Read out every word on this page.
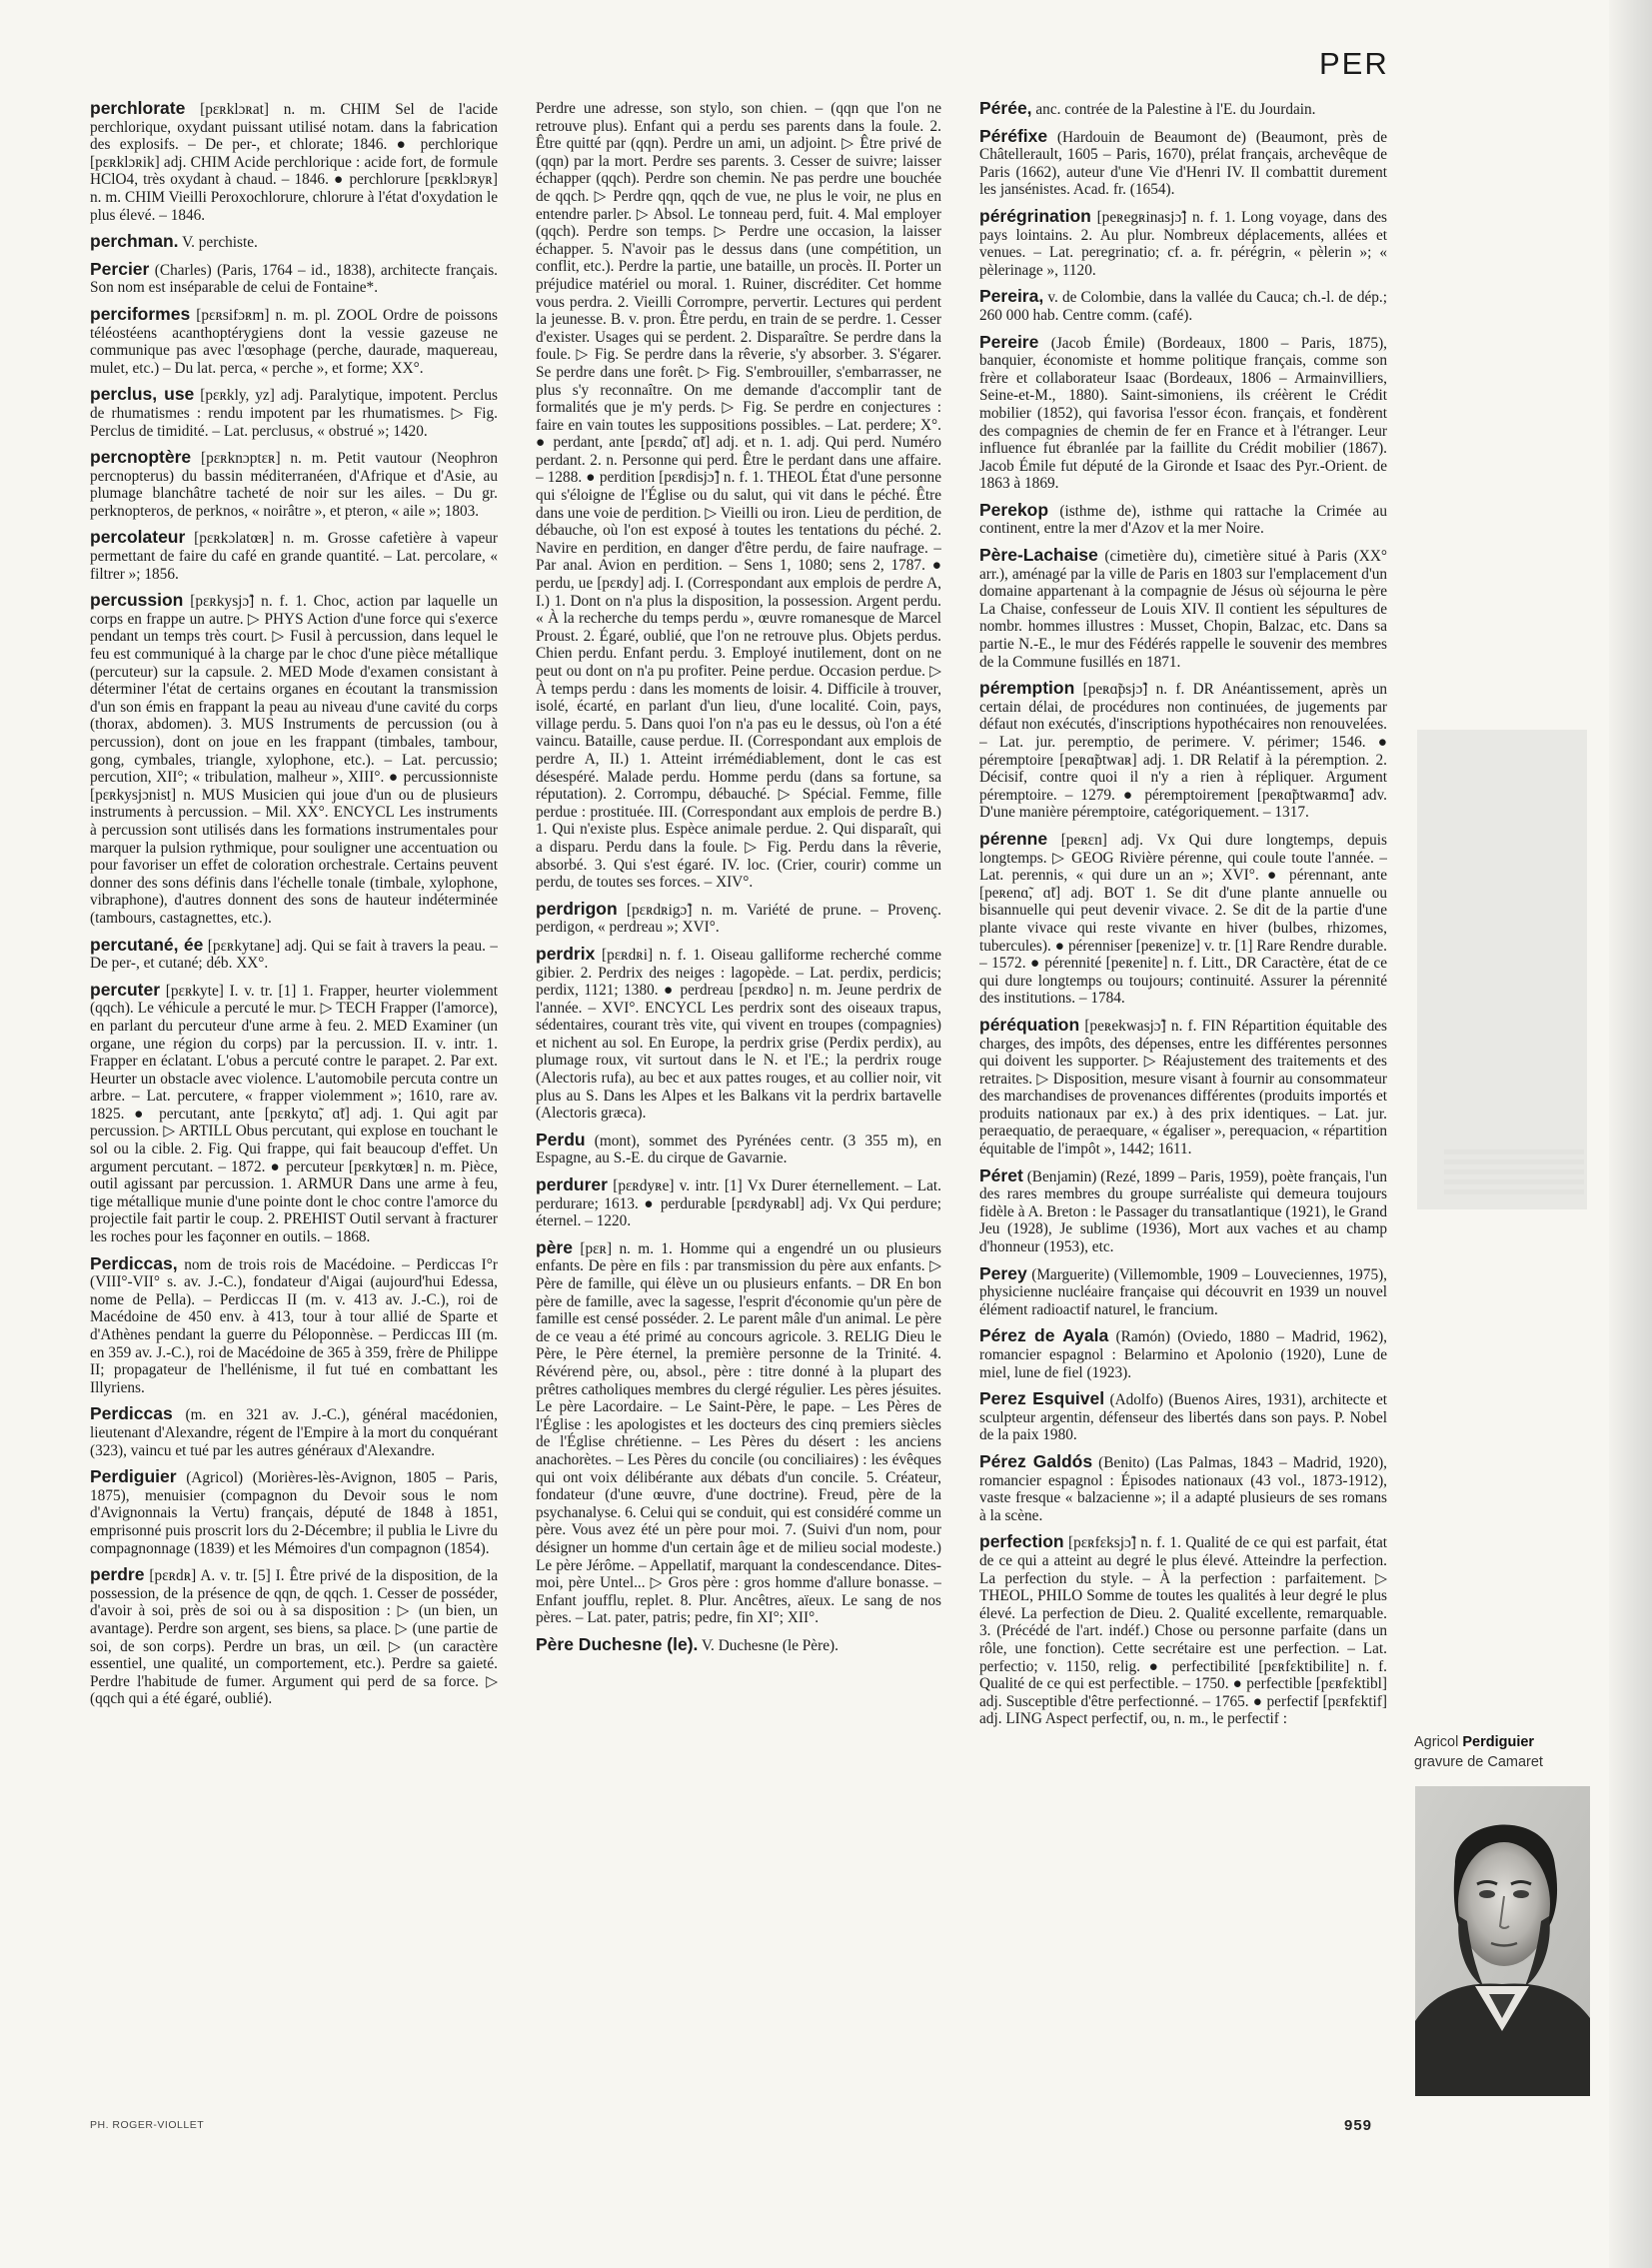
PER

perchlorate [pɛʀklɔʀat] n. m. CHIM Sel de l'acide perchlorique, oxydant puissant utilisé notam. dans la fabrication des explosifs. – De per-, et chlorate; 1846. ● perchlorique [pɛʀklɔʀik] adj. CHIM Acide perchlorique : acide fort, de formule HClO4, très oxydant à chaud. – 1846. ● perchlorure [pɛʀklɔʀyʀ] n. m. CHIM Vieilli Peroxochlorure, chlorure à l'état d'oxydation le plus élevé. – 1846.

perchman. V. perchiste.

Percier (Charles) (Paris, 1764 – id., 1838), architecte français. Son nom est inséparable de celui de Fontaine*.

perciformes [pɛʀsifɔʀm] n. m. pl. ZOOL Ordre de poissons téléostéens acanthoptérygiens dont la vessie gazeuse ne communique pas avec l'œsophage (perche, daurade, maquereau, mulet, etc.) – Du lat. perca, « perche », et forme; XX°.

perclus, use [pɛʀkly, yz] adj. Paralytique, impotent. Perclus de rhumatismes : rendu impotent par les rhumatismes. ▷ Fig. Perclus de timidité. – Lat. perclusus, « obstrué »; 1420.

percnoptère [pɛʀknɔptɛʀ] n. m. Petit vautour (Neophron percnopterus) du bassin méditerranéen, d'Afrique et d'Asie, au plumage blanchâtre tacheté de noir sur les ailes. – Du gr. perknopteros, de perknos, « noirâtre », et pteron, « aile »; 1803.

percolateur [pɛʀkɔlatœʀ] n. m. Grosse cafetière à vapeur permettant de faire du café en grande quantité. – Lat. percolare, « filtrer »; 1856.

percussion [pɛʀkysjɔ̃] n. f. 1. Choc, action par laquelle un corps en frappe un autre. ▷ PHYS Action d'une force qui s'exerce pendant un temps très court. ▷ Fusil à percussion, dans lequel le feu est communiqué à la charge par le choc d'une pièce métallique (percuteur) sur la capsule. 2. MED Mode d'examen consistant à déterminer l'état de certains organes en écoutant la transmission d'un son émis en frappant la peau au niveau d'une cavité du corps (thorax, abdomen). 3. MUS Instruments de percussion (ou à percussion), dont on joue en les frappant (timbales, tambour, gong, cymbales, triangle, xylophone, etc.). – Lat. percussio; percution, XII°; « tribulation, malheur », XIII°. ● percussionniste [pɛʀkysjɔnist] n. MUS Musicien qui joue d'un ou de plusieurs instruments à percussion. – Mil. XX°. ENCYCL Les instruments à percussion sont utilisés dans les formations instrumentales pour marquer la pulsion rythmique, pour souligner une accentuation ou pour favoriser un effet de coloration orchestrale. Certains peuvent donner des sons définis dans l'échelle tonale (timbale, xylophone, vibraphone), d'autres donnent des sons de hauteur indéterminée (tambours, castagnettes, etc.).

percutané, ée [pɛʀkytane] adj. Qui se fait à travers la peau. – De per-, et cutané; déb. XX°.

percuter [pɛʀkyte] I. v. tr. [1] 1. Frapper, heurter violemment (qqch). Le véhicule a percuté le mur. ▷ TECH Frapper (l'amorce), en parlant du percuteur d'une arme à feu. 2. MED Examiner (un organe, une région du corps) par la percussion. II. v. intr. 1. Frapper en éclatant. L'obus a percuté contre le parapet. 2. Par ext. Heurter un obstacle avec violence. L'automobile percuta contre un arbre. – Lat. percutere, « frapper violemment »; 1610, rare av. 1825. ● percutant, ante [pɛʀkytɑ̃, ɑ̃t] adj. 1. Qui agit par percussion. ▷ ARTILL Obus percutant, qui explose en touchant le sol ou la cible. 2. Fig. Qui frappe, qui fait beaucoup d'effet. Un argument percutant. – 1872. ● percuteur [pɛʀkytœʀ] n. m. Pièce, outil agissant par percussion. 1. ARMUR Dans une arme à feu, tige métallique munie d'une pointe dont le choc contre l'amorce du projectile fait partir le coup. 2. PREHIST Outil servant à fracturer les roches pour les façonner en outils. – 1868.

Perdiccas, nom de trois rois de Macédoine. – Perdiccas I°r (VIII°-VII° s. av. J.-C.), fondateur d'Aigai (aujourd'hui Edessa, nome de Pella). – Perdiccas II (m. v. 413 av. J.-C.), roi de Macédoine de 450 env. à 413, tour à tour allié de Sparte et d'Athènes pendant la guerre du Péloponnèse. – Perdiccas III (m. en 359 av. J.-C.), roi de Macédoine de 365 à 359, frère de Philippe II; propagateur de l'hellénisme, il fut tué en combattant les Illyriens.

Perdiccas (m. en 321 av. J.-C.), général macédonien, lieutenant d'Alexandre, régent de l'Empire à la mort du conquérant (323), vaincu et tué par les autres généraux d'Alexandre.

Perdiguier (Agricol) (Morières-lès-Avignon, 1805 – Paris, 1875), menuisier (compagnon du Devoir sous le nom d'Avignonnais la Vertu) français, député de 1848 à 1851, emprisonné puis proscrit lors du 2-Décembre; il publia le Livre du compagnonnage (1839) et les Mémoires d'un compagnon (1854).

perdre [pɛʀdʀ] A. v. tr. [5] I. Être privé de la disposition, de la possession, de la présence de qqn, de qqch. 1. Cesser de posséder, d'avoir à soi, près de soi ou à sa disposition : ▷ (un bien, un avantage). Perdre son argent, ses biens, sa place. ▷ (une partie de soi, de son corps). Perdre un bras, un œil. ▷ (un caractère essentiel, une qualité, un comportement, etc.). Perdre sa gaieté. Perdre l'habitude de fumer. Argument qui perd de sa force. ▷ (qqch qui a été égaré, oublié).

Perdre une adresse, son stylo, son chien. – (qqn que l'on ne retrouve plus). Enfant qui a perdu ses parents dans la foule. 2. Être quitté par (qqn). Perdre un ami, un adjoint. ▷ Être privé de (qqn) par la mort. Perdre ses parents. 3. Cesser de suivre; laisser échapper (qqch). Perdre son chemin. Ne pas perdre une bouchée de qqch. ▷ Perdre qqn, qqch de vue, ne plus le voir, ne plus en entendre parler. ▷ Absol. Le tonneau perd, fuit. 4. Mal employer (qqch). Perdre son temps. ▷ Perdre une occasion, la laisser échapper. 5. N'avoir pas le dessus dans (une compétition, un conflit, etc.). Perdre la partie, une bataille, un procès. II. Porter un préjudice matériel ou moral. 1. Ruiner, discréditer. Cet homme vous perdra. 2. Vieilli Corrompre, pervertir. Lectures qui perdent la jeunesse. B. v. pron. Être perdu, en train de se perdre. 1. Cesser d'exister. Usages qui se perdent. 2. Disparaître. Se perdre dans la foule. ▷ Fig. Se perdre dans la rêverie, s'y absorber. 3. S'égarer. Se perdre dans une forêt. ▷ Fig. S'embrouiller, s'embarrasser, ne plus s'y reconnaître. On me demande d'accomplir tant de formalités que je m'y perds. ▷ Fig. Se perdre en conjectures : faire en vain toutes les suppositions possibles. – Lat. perdere; X°. ● perdant, ante [pɛʀdɑ̃, ɑ̃t] adj. et n. 1. adj. Qui perd. Numéro perdant. 2. n. Personne qui perd. Être le perdant dans une affaire. – 1288. ● perdition [pɛʀdisjɔ̃] n. f. 1. THEOL État d'une personne qui s'éloigne de l'Église ou du salut, qui vit dans le péché. Être dans une voie de perdition. ▷ Vieilli ou iron. Lieu de perdition, de débauche, où l'on est exposé à toutes les tentations du péché. 2. Navire en perdition, en danger d'être perdu, de faire naufrage. – Par anal. Avion en perdition. – Sens 1, 1080; sens 2, 1787. ● perdu, ue [pɛʀdy] adj. I. (Correspondant aux emplois de perdre A, I.) 1. Dont on n'a plus la disposition, la possession. Argent perdu. « À la recherche du temps perdu », œuvre romanesque de Marcel Proust. 2. Égaré, oublié, que l'on ne retrouve plus. Objets perdus. Chien perdu. Enfant perdu. 3. Employé inutilement, dont on ne peut ou dont on n'a pu profiter. Peine perdue. Occasion perdue. ▷ À temps perdu : dans les moments de loisir. 4. Difficile à trouver, isolé, écarté, en parlant d'un lieu, d'une localité. Coin, pays, village perdu. 5. Dans quoi l'on n'a pas eu le dessus, où l'on a été vaincu. Bataille, cause perdue. II. (Correspondant aux emplois de perdre A, II.) 1. Atteint irrémédiablement, dont le cas est désespéré. Malade perdu. Homme perdu (dans sa fortune, sa réputation). 2. Corrompu, débauché. ▷ Spécial. Femme, fille perdue : prostituée. III. (Correspondant aux emplois de perdre B.) 1. Qui n'existe plus. Espèce animale perdue. 2. Qui disparaît, qui a disparu. Perdu dans la foule. ▷ Fig. Perdu dans la rêverie, absorbé. 3. Qui s'est égaré. IV. loc. (Crier, courir) comme un perdu, de toutes ses forces. – XIV°.

perdrigon [pɛʀdʀigɔ̃] n. m. Variété de prune. – Provenç. perdigon, « perdreau »; XVI°.

perdrix [pɛʀdʀi] n. f. 1. Oiseau galliforme recherché comme gibier. 2. Perdrix des neiges : lagopède. – Lat. perdix, perdicis; perdix, 1121; 1380. ● perdreau [pɛʀdʀo] n. m. Jeune perdrix de l'année. – XVI°. ENCYCL Les perdrix sont des oiseaux trapus, sédentaires, courant très vite, qui vivent en troupes (compagnies) et nichent au sol. En Europe, la perdrix grise (Perdix perdix), au plumage roux, vit surtout dans le N. et l'E.; la perdrix rouge (Alectoris rufa), au bec et aux pattes rouges, et au collier noir, vit plus au S. Dans les Alpes et les Balkans vit la perdrix bartavelle (Alectoris græca).

Perdu (mont), sommet des Pyrénées centr. (3 355 m), en Espagne, au S.-E. du cirque de Gavarnie.

perdurer [pɛʀdyʀe] v. intr. [1] Vx Durer éternellement. – Lat. perdurare; 1613. ● perdurable [pɛʀdyʀabl] adj. Vx Qui perdure; éternel. – 1220.

père [pɛʀ] n. m. 1. Homme qui a engendré un ou plusieurs enfants. De père en fils : par transmission du père aux enfants. ▷ Père de famille, qui élève un ou plusieurs enfants. – DR En bon père de famille, avec la sagesse, l'esprit d'économie qu'un père de famille est censé posséder. 2. Le parent mâle d'un animal. Le père de ce veau a été primé au concours agricole. 3. RELIG Dieu le Père, le Père éternel, la première personne de la Trinité. 4. Révérend père, ou, absol., père : titre donné à la plupart des prêtres catholiques membres du clergé régulier. Les pères jésuites. Le père Lacordaire. – Le Saint-Père, le pape. – Les Pères de l'Église : les apologistes et les docteurs des cinq premiers siècles de l'Église chrétienne. – Les Pères du désert : les anciens anachorètes. – Les Pères du concile (ou conciliaires) : les évêques qui ont voix délibérante aux débats d'un concile. 5. Créateur, fondateur (d'une œuvre, d'une doctrine). Freud, père de la psychanalyse. 6. Celui qui se conduit, qui est considéré comme un père. Vous avez été un père pour moi. 7. (Suivi d'un nom, pour désigner un homme d'un certain âge et de milieu social modeste.) Le père Jérôme. – Appellatif, marquant la condescendance. Dites-moi, père Untel... ▷ Gros père : gros homme d'allure bonasse. – Enfant joufflu, replet. 8. Plur. Ancêtres, aïeux. Le sang de nos pères. – Lat. pater, patris; pedre, fin XI°; XII°.

Père Duchesne (le). V. Duchesne (le Père).

Pérée, anc. contrée de la Palestine à l'E. du Jourdain.

Péréfixe (Hardouin de Beaumont de) (Beaumont, près de Châtellerault, 1605 – Paris, 1670), prélat français, archevêque de Paris (1662), auteur d'une Vie d'Henri IV. Il combattit durement les jansénistes. Acad. fr. (1654).

pérégrination [peʀegʀinasjɔ̃] n. f. 1. Long voyage, dans des pays lointains. 2. Au plur. Nombreux déplacements, allées et venues. – Lat. peregrinatio; cf. a. fr. pérégrin, « pèlerin »; « pèlerinage », 1120.

Pereira, v. de Colombie, dans la vallée du Cauca; ch.-l. de dép.; 260 000 hab. Centre comm. (café).

Pereire (Jacob Émile) (Bordeaux, 1800 – Paris, 1875), banquier, économiste et homme politique français, comme son frère et collaborateur Isaac (Bordeaux, 1806 – Armainvilliers, Seine-et-M., 1880). Saint-simoniens, ils créèrent le Crédit mobilier (1852), qui favorisa l'essor écon. français, et fondèrent des compagnies de chemin de fer en France et à l'étranger. Leur influence fut ébranlée par la faillite du Crédit mobilier (1867). Jacob Émile fut député de la Gironde et Isaac des Pyr.-Orient. de 1863 à 1869.

Perekop (isthme de), isthme qui rattache la Crimée au continent, entre la mer d'Azov et la mer Noire.

Père-Lachaise (cimetière du), cimetière situé à Paris (XX° arr.), aménagé par la ville de Paris en 1803 sur l'emplacement d'un domaine appartenant à la compagnie de Jésus où séjourna le père La Chaise, confesseur de Louis XIV. Il contient les sépultures de nombr. hommes illustres : Musset, Chopin, Balzac, etc. Dans sa partie N.-E., le mur des Fédérés rappelle le souvenir des membres de la Commune fusillés en 1871.

péremption [peʀɑ̃psjɔ̃] n. f. DR Anéantissement, après un certain délai, de procédures non continuées, de jugements par défaut non exécutés, d'inscriptions hypothécaires non renouvelées. – Lat. jur. peremptio, de perimere. V. périmer; 1546. ● péremptoire [peʀɑ̃ptwaʀ] adj. 1. DR Relatif à la péremption. 2. Décisif, contre quoi il n'y a rien à répliquer. Argument péremptoire. – 1279. ● péremptoirement [peʀɑ̃ptwaʀmɑ̃] adv. D'une manière péremptoire, catégoriquement. – 1317.

pérenne [peʀɛn] adj. Vx Qui dure longtemps, depuis longtemps. ▷ GEOG Rivière pérenne, qui coule toute l'année. – Lat. perennis, « qui dure un an »; XVI°. ● pérennant, ante [peʀenɑ̃, ɑ̃t] adj. BOT 1. Se dit d'une plante annuelle ou bisannuelle qui peut devenir vivace. 2. Se dit de la partie d'une plante vivace qui reste vivante en hiver (bulbes, rhizomes, tubercules). ● pérenniser [peʀenize] v. tr. [1] Rare Rendre durable. – 1572. ● pérennité [peʀenite] n. f. Litt., DR Caractère, état de ce qui dure longtemps ou toujours; continuité. Assurer la pérennité des institutions. – 1784.

péréquation [peʀekwasjɔ̃] n. f. FIN Répartition équitable des charges, des impôts, des dépenses, entre les différentes personnes qui doivent les supporter. ▷ Réajustement des traitements et des retraites. ▷ Disposition, mesure visant à fournir au consommateur des marchandises de provenances différentes (produits importés et produits nationaux par ex.) à des prix identiques. – Lat. jur. peraequatio, de peraequare, « égaliser », perequacion, « répartition équitable de l'impôt », 1442; 1611.

Péret (Benjamin) (Rezé, 1899 – Paris, 1959), poète français, l'un des rares membres du groupe surréaliste qui demeura toujours fidèle à A. Breton : le Passager du transatlantique (1921), le Grand Jeu (1928), Je sublime (1936), Mort aux vaches et au champ d'honneur (1953), etc.

Perey (Marguerite) (Villemomble, 1909 – Louveciennes, 1975), physicienne nucléaire française qui découvrit en 1939 un nouvel élément radioactif naturel, le francium.

Pérez de Ayala (Ramón) (Oviedo, 1880 – Madrid, 1962), romancier espagnol : Belarmino et Apolonio (1920), Lune de miel, lune de fiel (1923).

Perez Esquivel (Adolfo) (Buenos Aires, 1931), architecte et sculpteur argentin, défenseur des libertés dans son pays. P. Nobel de la paix 1980.

Pérez Galdós (Benito) (Las Palmas, 1843 – Madrid, 1920), romancier espagnol : Épisodes nationaux (43 vol., 1873-1912), vaste fresque « balzacienne »; il a adapté plusieurs de ses romans à la scène.

perfection [pɛʀfɛksjɔ̃] n. f. 1. Qualité de ce qui est parfait, état de ce qui a atteint au degré le plus élevé. Atteindre la perfection. La perfection du style. – À la perfection : parfaitement. ▷ THEOL, PHILO Somme de toutes les qualités à leur degré le plus élevé. La perfection de Dieu. 2. Qualité excellente, remarquable. 3. (Précédé de l'art. indéf.) Chose ou personne parfaite (dans un rôle, une fonction). Cette secrétaire est une perfection. – Lat. perfectio; v. 1150, relig. ● perfectibilité [pɛʀfɛktibilite] n. f. Qualité de ce qui est perfectible. – 1750. ● perfectible [pɛʀfɛktibl] adj. Susceptible d'être perfectionné. – 1765. ● perfectif [pɛʀfɛktif] adj. LING Aspect perfectif, ou, n. m., le perfectif :

Agricol Perdiguier
gravure de Camaret
PH. ROGER-VIOLLET	959
